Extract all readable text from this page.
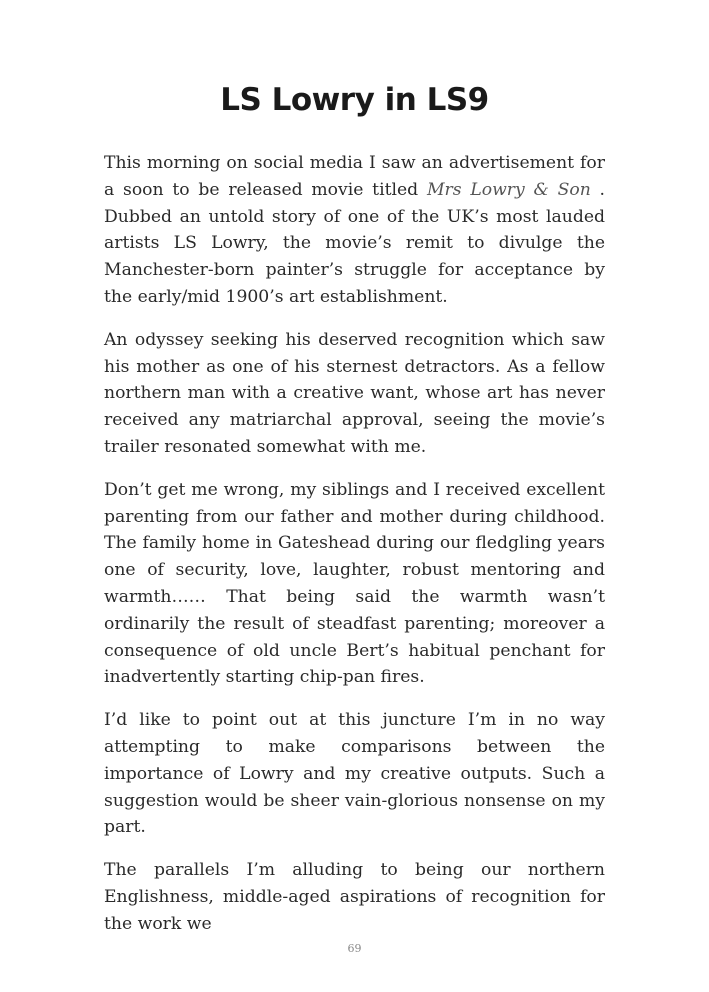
LS Lowry in LS9

This morning on social media I saw an advertisement for a soon to be released movie titled Mrs Lowry & Son . Dubbed an untold story of one of the UK’s most lauded artists LS Lowry, the movie’s remit to divulge the Manchester-born painter’s struggle for acceptance by the early/mid 1900’s art establishment.

An odyssey seeking his deserved recognition which saw his mother as one of his sternest detractors. As a fellow northern man with a creative want, whose art has never received any matriarchal approval, seeing the movie’s trailer resonated somewhat with me.

Don’t get me wrong, my siblings and I received excellent parenting from our father and mother during childhood. The family home in Gateshead during our fledgling years one of security, love, laughter, robust mentoring and warmth…… That being said the warmth wasn’t ordinarily the result of steadfast parenting; moreover a consequence of old uncle Bert’s habitual penchant for inadvertently starting chip-pan fires.

I’d like to point out at this juncture I’m in no way attempting to make comparisons between the importance of Lowry and my creative outputs. Such a suggestion would be sheer vain-glorious nonsense on my part.

The parallels I’m alluding to being our northern Englishness, middle-aged aspirations of recognition for the work we

69
